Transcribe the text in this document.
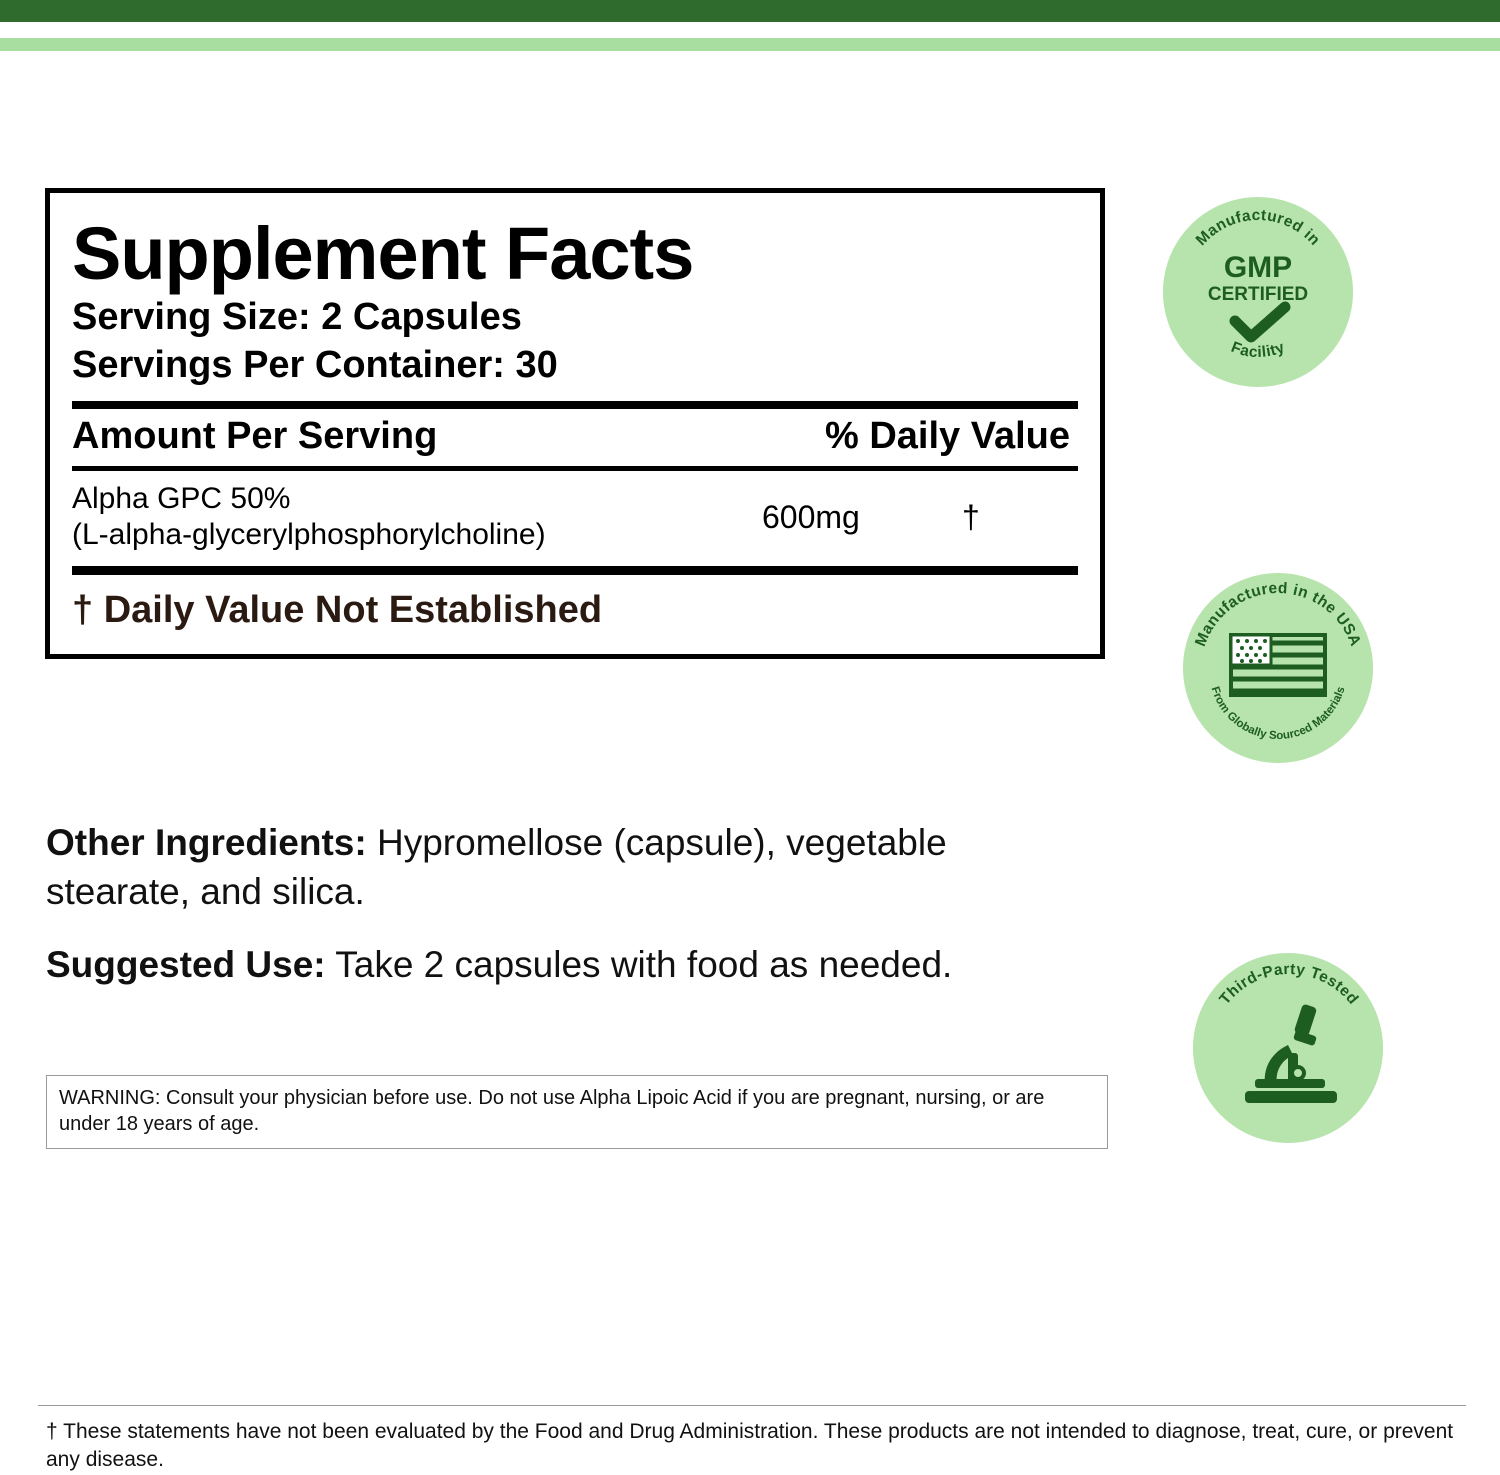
Supplement Facts
Serving Size: 2 Capsules
Servings Per Container: 30
Amount Per Serving	% Daily Value
Alpha GPC 50%
(L-alpha-glycerylphosphorylcholine)	600mg	†
† Daily Value Not Established
Other Ingredients: Hypromellose (capsule), vegetable stearate, and silica.
Suggested Use: Take 2 capsules with food as needed.
WARNING: Consult your physician before use. Do not use Alpha Lipoic Acid if you are pregnant, nursing, or are under 18 years of age.
† These statements have not been evaluated by the Food and Drug Administration. These products are not intended to diagnose, treat, cure, or prevent any disease.
Manufactured in
GMP
CERTIFIED
Facility
Manufactured in the USA
From Globally Sourced Materials
Third-Party Tested
